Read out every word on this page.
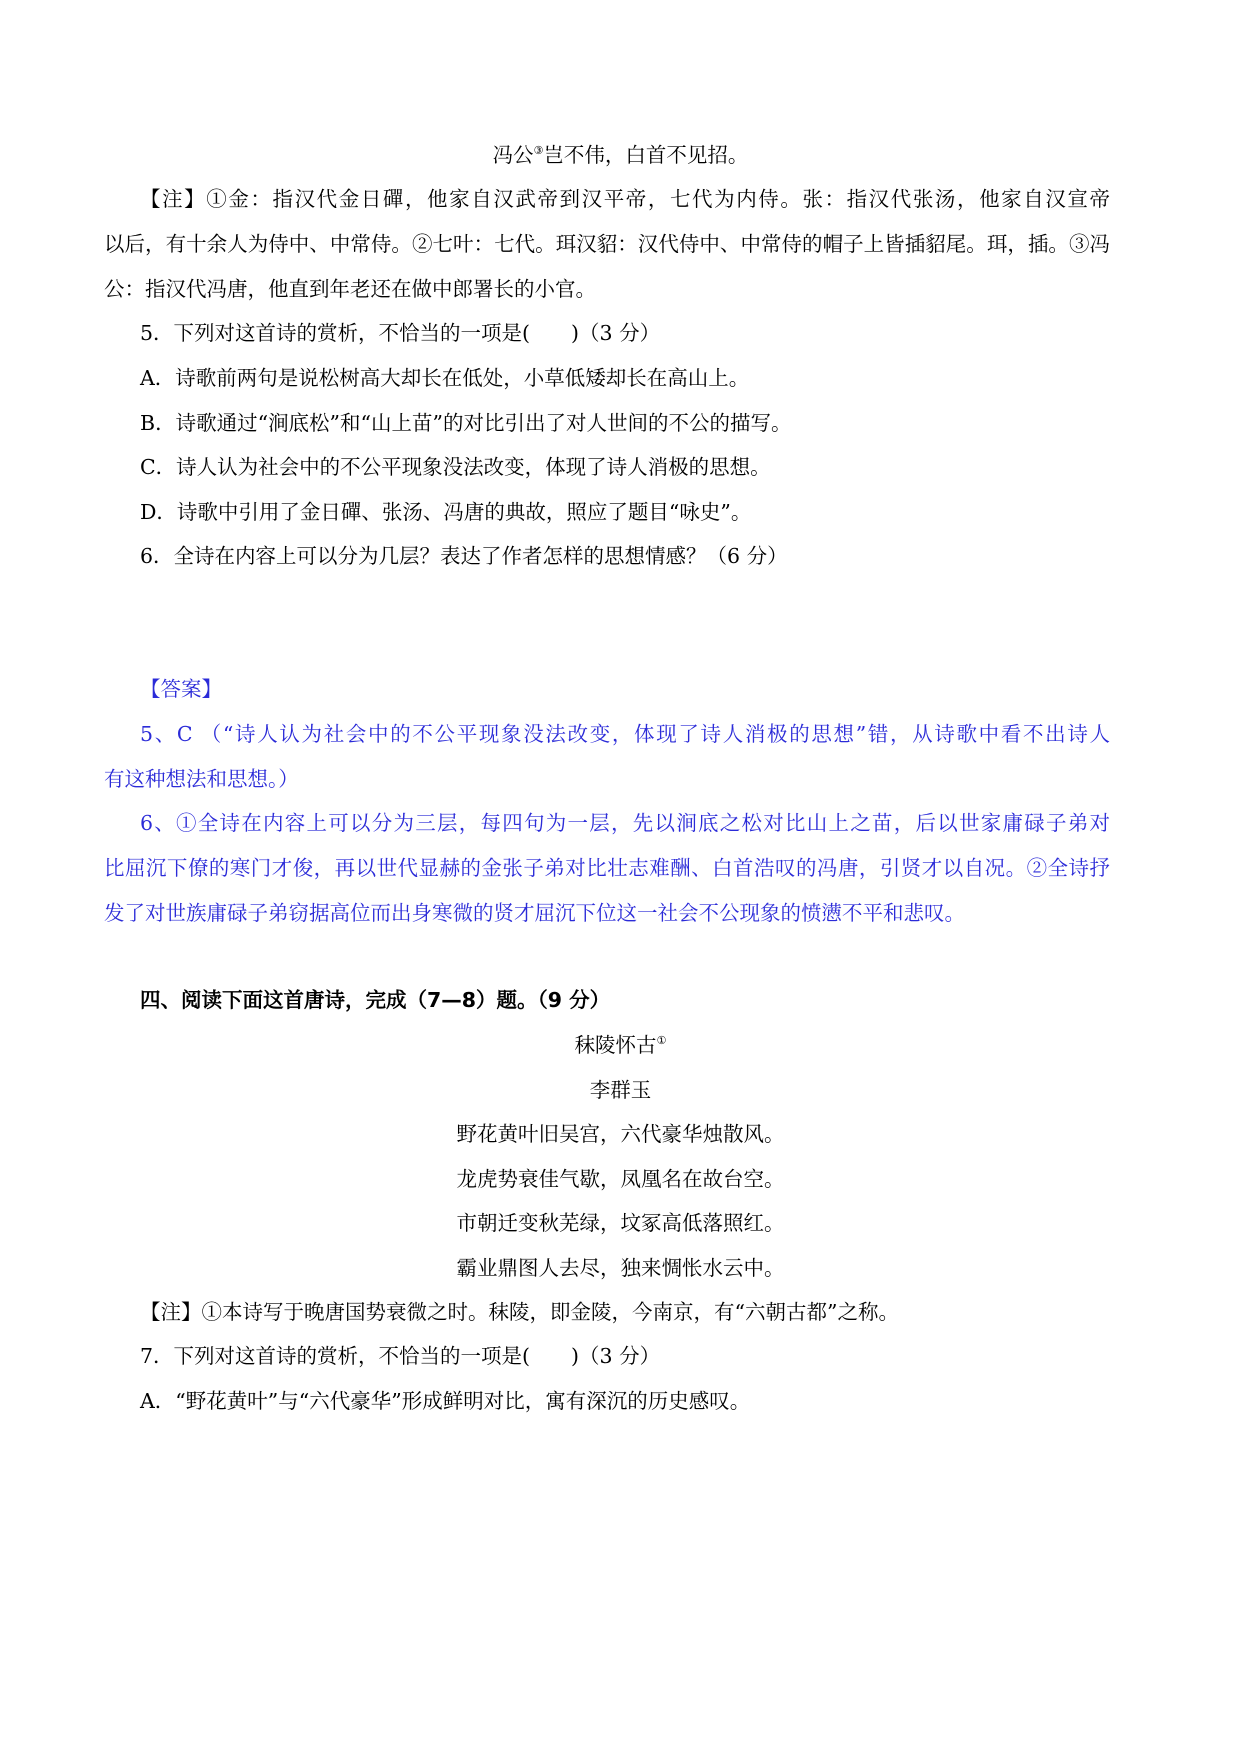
冯公③岂不伟，白首不见招。
【注】①金：指汉代金日磾，他家自汉武帝到汉平帝，七代为内侍。张：指汉代张汤，他家自汉宣帝
以后，有十余人为侍中、中常侍。②七叶：七代。珥汉貂：汉代侍中、中常侍的帽子上皆插貂尾。珥，插。③冯
公：指汉代冯唐，他直到年老还在做中郎署长的小官。
5．下列对这首诗的赏析，不恰当的一项是(　　)（3 分）
A．诗歌前两句是说松树高大却长在低处，小草低矮却长在高山上。
B．诗歌通过“涧底松”和“山上苗”的对比引出了对人世间的不公的描写。
C．诗人认为社会中的不公平现象没法改变，体现了诗人消极的思想。
D．诗歌中引用了金日磾、张汤、冯唐的典故，照应了题目“咏史”。
6．全诗在内容上可以分为几层？表达了作者怎样的思想情感？（6 分）
【答案】
5、C （“诗人认为社会中的不公平现象没法改变，体现了诗人消极的思想”错，从诗歌中看不出诗人
有这种想法和思想。）
6、①全诗在内容上可以分为三层，每四句为一层，先以涧底之松对比山上之苗，后以世家庸碌子弟对
比屈沉下僚的寒门才俊，再以世代显赫的金张子弟对比壮志难酬、白首浩叹的冯唐，引贤才以自况。②全诗抒
发了对世族庸碌子弟窃据高位而出身寒微的贤才屈沉下位这一社会不公现象的愤懑不平和悲叹。
四、阅读下面这首唐诗，完成（7—8）题。（9 分）
秣陵怀古①
李群玉
野花黄叶旧吴宫，六代豪华烛散风。
龙虎势衰佳气歇，凤凰名在故台空。
市朝迁变秋芜绿，坟冢高低落照红。
霸业鼎图人去尽，独来惆怅水云中。
【注】①本诗写于晚唐国势衰微之时。秣陵，即金陵，今南京，有“六朝古都”之称。
7．下列对这首诗的赏析，不恰当的一项是(　　)（3 分）
A．“野花黄叶”与“六代豪华”形成鲜明对比，寓有深沉的历史感叹。
